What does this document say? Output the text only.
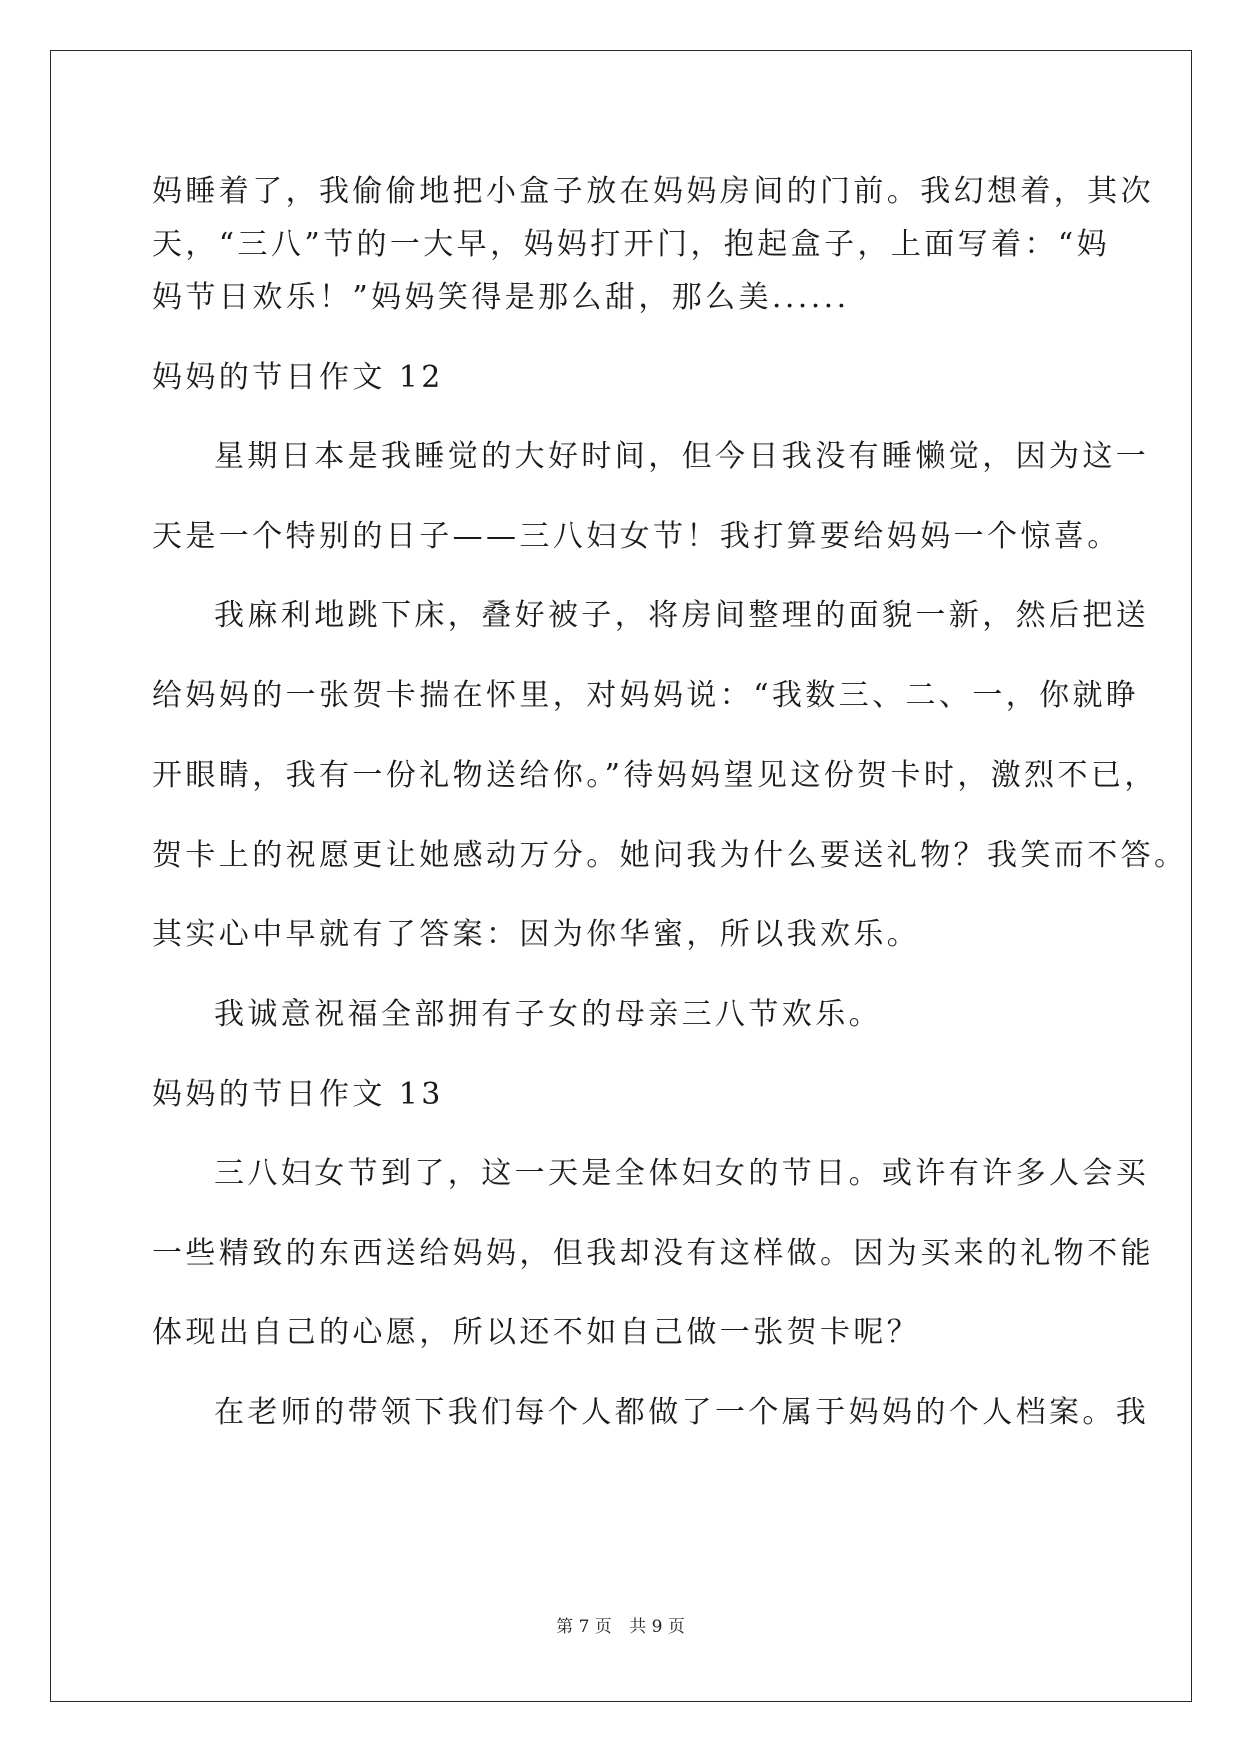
妈睡着了，我偷偷地把小盒子放在妈妈房间的门前。我幻想着，其次
天，“三八”节的一大早，妈妈打开门，抱起盒子，上面写着：“妈
妈节日欢乐！”妈妈笑得是那么甜，那么美......
妈妈的节日作文 12
星期日本是我睡觉的大好时间，但今日我没有睡懒觉，因为这一
天是一个特别的日子——三八妇女节！我打算要给妈妈一个惊喜。
我麻利地跳下床，叠好被子，将房间整理的面貌一新，然后把送
给妈妈的一张贺卡揣在怀里，对妈妈说：“我数三、二、一，你就睁
开眼睛，我有一份礼物送给你。”待妈妈望见这份贺卡时，激烈不已，
贺卡上的祝愿更让她感动万分。她问我为什么要送礼物？我笑而不答。
其实心中早就有了答案：因为你华蜜，所以我欢乐。
我诚意祝福全部拥有子女的母亲三八节欢乐。
妈妈的节日作文 13
三八妇女节到了，这一天是全体妇女的节日。或许有许多人会买
一些精致的东西送给妈妈，但我却没有这样做。因为买来的礼物不能
体现出自己的心愿，所以还不如自己做一张贺卡呢？
在老师的带领下我们每个人都做了一个属于妈妈的个人档案。我
第 7 页 共 9 页
